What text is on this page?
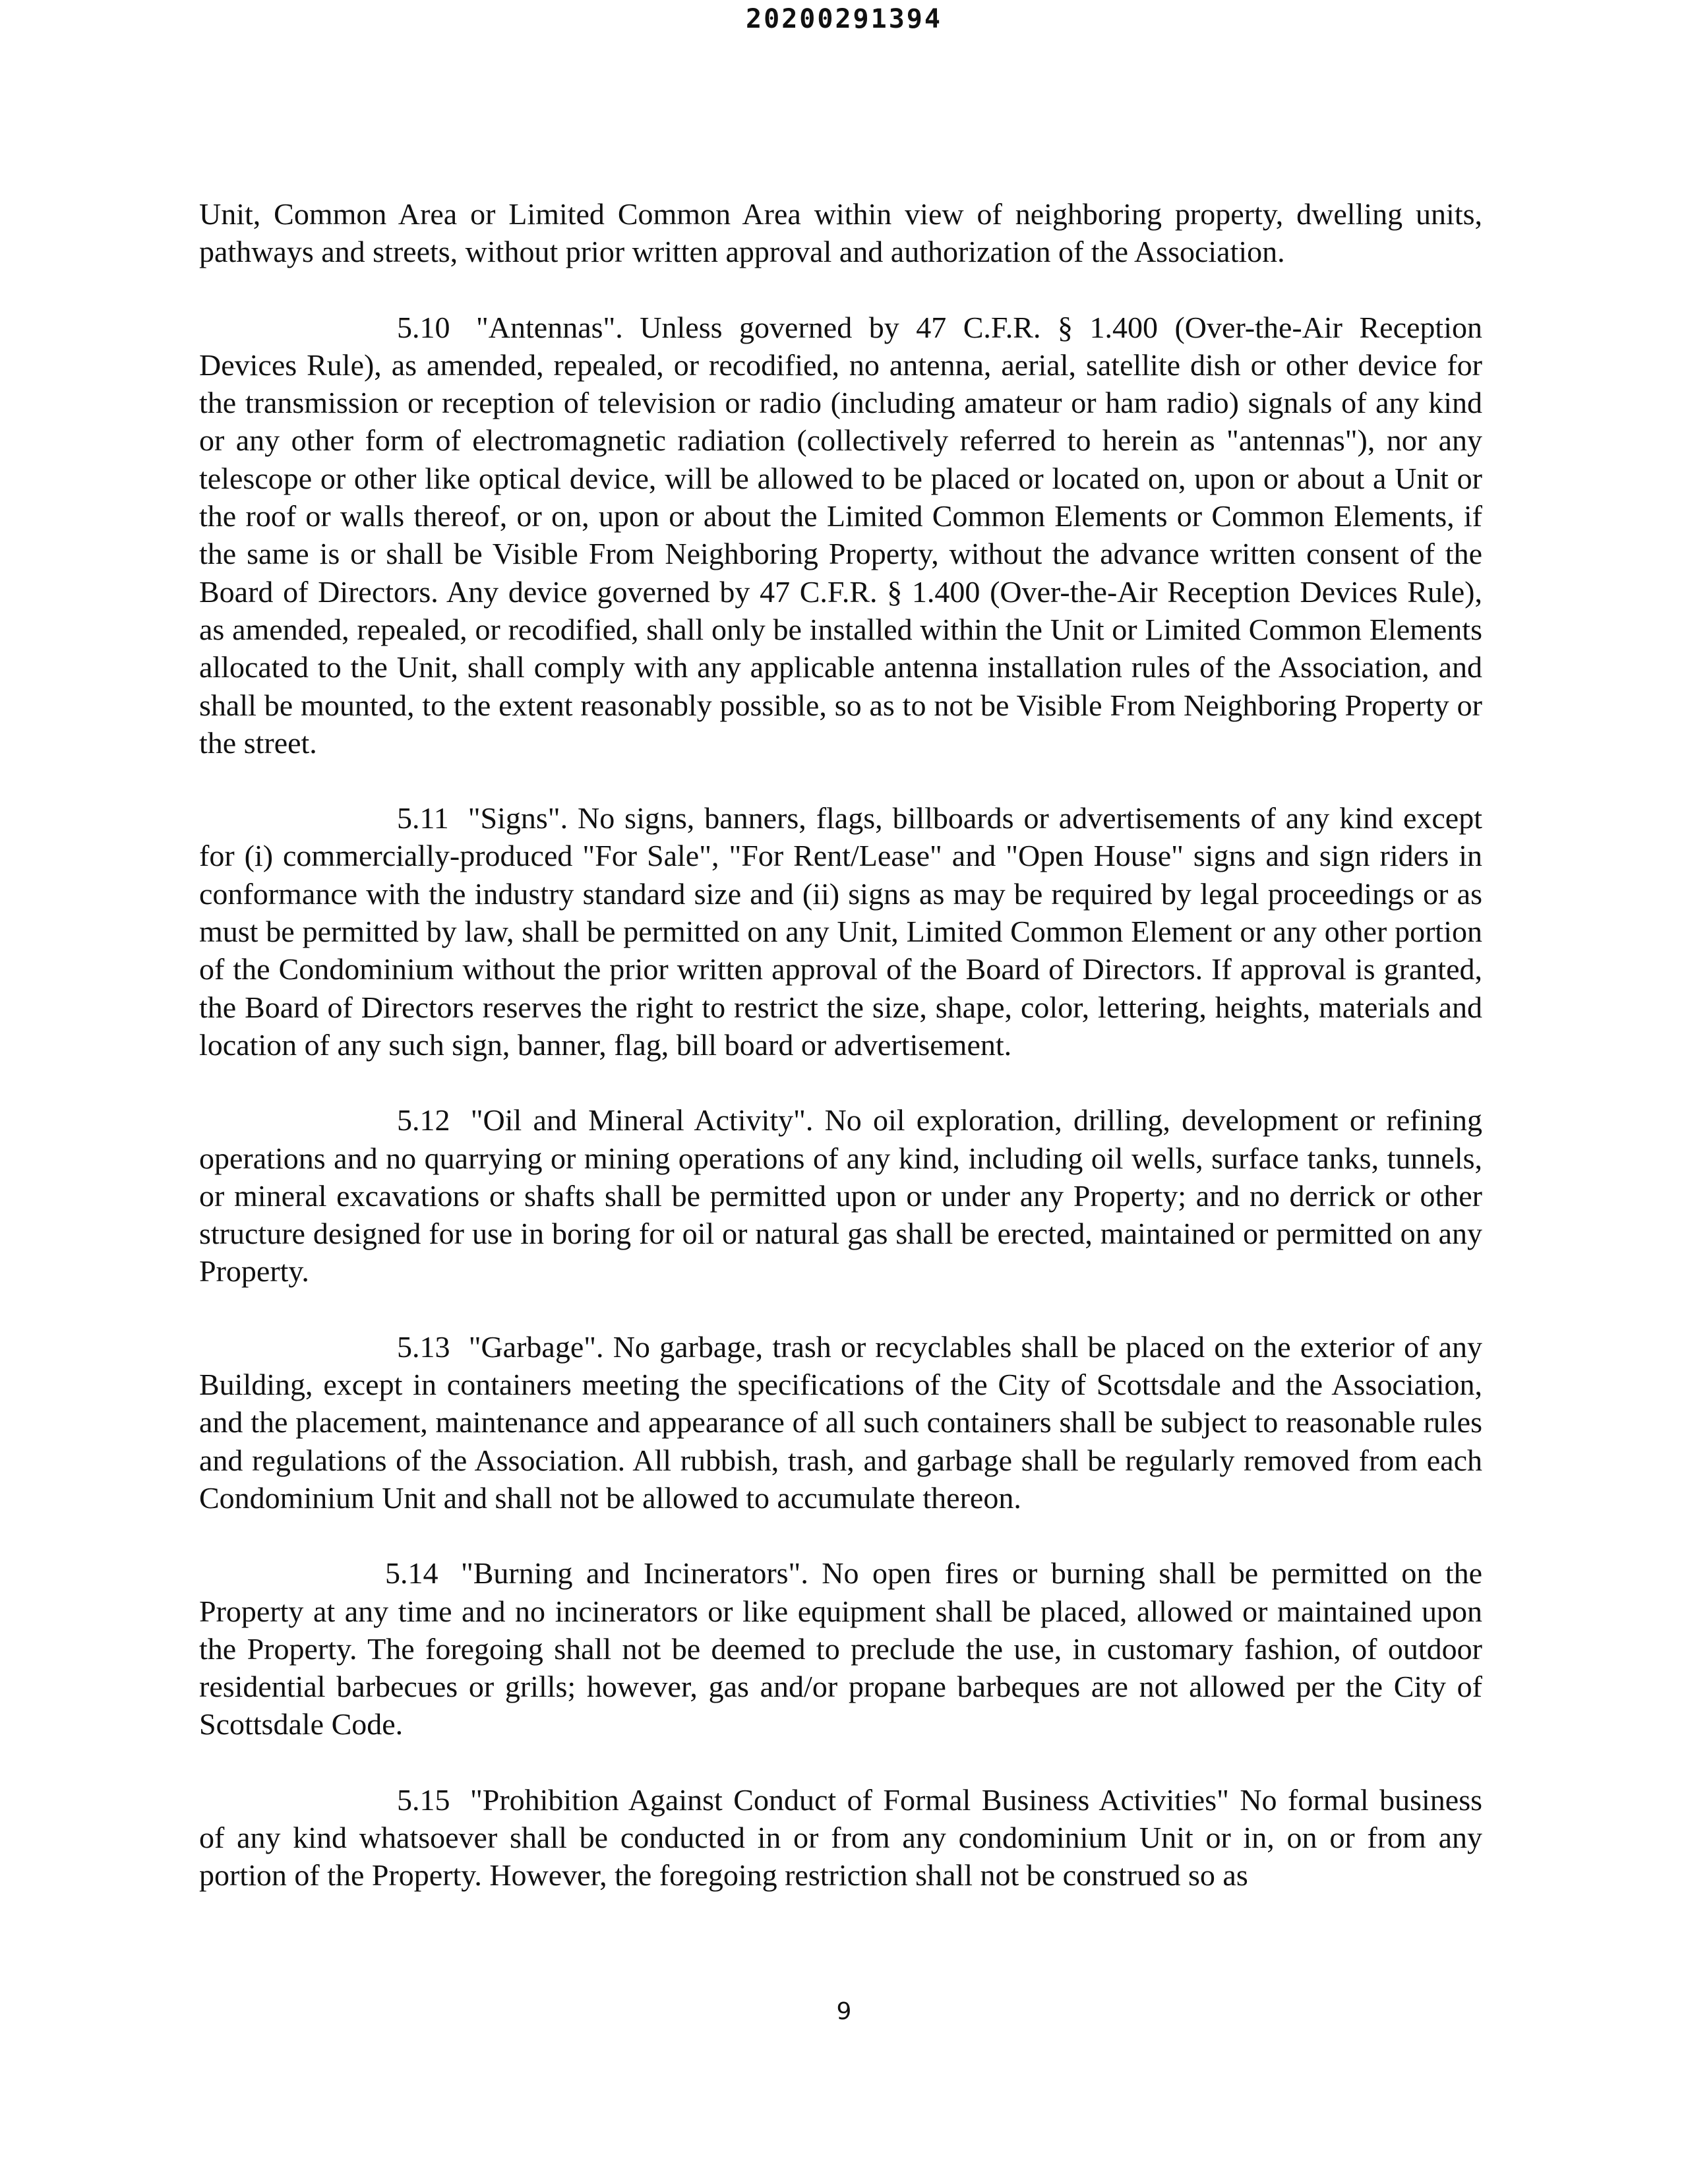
20200291394

Unit, Common Area or Limited Common Area within view of neighboring property, dwelling units, pathways and streets, without prior written approval and authorization of the Association.

5.10 "Antennas". Unless governed by 47 C.F.R. § 1.400 (Over-the-Air Reception Devices Rule), as amended, repealed, or recodified, no antenna, aerial, satellite dish or other device for the transmission or reception of television or radio (including amateur or ham radio) signals of any kind or any other form of electromagnetic radiation (collectively referred to herein as "antennas"), nor any telescope or other like optical device, will be allowed to be placed or located on, upon or about a Unit or the roof or walls thereof, or on, upon or about the Limited Common Elements or Common Elements, if the same is or shall be Visible From Neighboring Property, without the advance written consent of the Board of Directors. Any device governed by 47 C.F.R. § 1.400 (Over-the-Air Reception Devices Rule), as amended, repealed, or recodified, shall only be installed within the Unit or Limited Common Elements allocated to the Unit, shall comply with any applicable antenna installation rules of the Association, and shall be mounted, to the extent reasonably possible, so as to not be Visible From Neighboring Property or the street.

5.11 "Signs". No signs, banners, flags, billboards or advertisements of any kind except for (i) commercially-produced "For Sale", "For Rent/Lease" and "Open House" signs and sign riders in conformance with the industry standard size and (ii) signs as may be required by legal proceedings or as must be permitted by law, shall be permitted on any Unit, Limited Common Element or any other portion of the Condominium without the prior written approval of the Board of Directors. If approval is granted, the Board of Directors reserves the right to restrict the size, shape, color, lettering, heights, materials and location of any such sign, banner, flag, bill board or advertisement.

5.12 "Oil and Mineral Activity". No oil exploration, drilling, development or refining operations and no quarrying or mining operations of any kind, including oil wells, surface tanks, tunnels, or mineral excavations or shafts shall be permitted upon or under any Property; and no derrick or other structure designed for use in boring for oil or natural gas shall be erected, maintained or permitted on any Property.

5.13 "Garbage". No garbage, trash or recyclables shall be placed on the exterior of any Building, except in containers meeting the specifications of the City of Scottsdale and the Association, and the placement, maintenance and appearance of all such containers shall be subject to reasonable rules and regulations of the Association. All rubbish, trash, and garbage shall be regularly removed from each Condominium Unit and shall not be allowed to accumulate thereon.

5.14 "Burning and Incinerators". No open fires or burning shall be permitted on the Property at any time and no incinerators or like equipment shall be placed, allowed or maintained upon the Property. The foregoing shall not be deemed to preclude the use, in customary fashion, of outdoor residential barbecues or grills; however, gas and/or propane barbeques are not allowed per the City of Scottsdale Code.

5.15 "Prohibition Against Conduct of Formal Business Activities" No formal business of any kind whatsoever shall be conducted in or from any condominium Unit or in, on or from any portion of the Property. However, the foregoing restriction shall not be construed so as

9
